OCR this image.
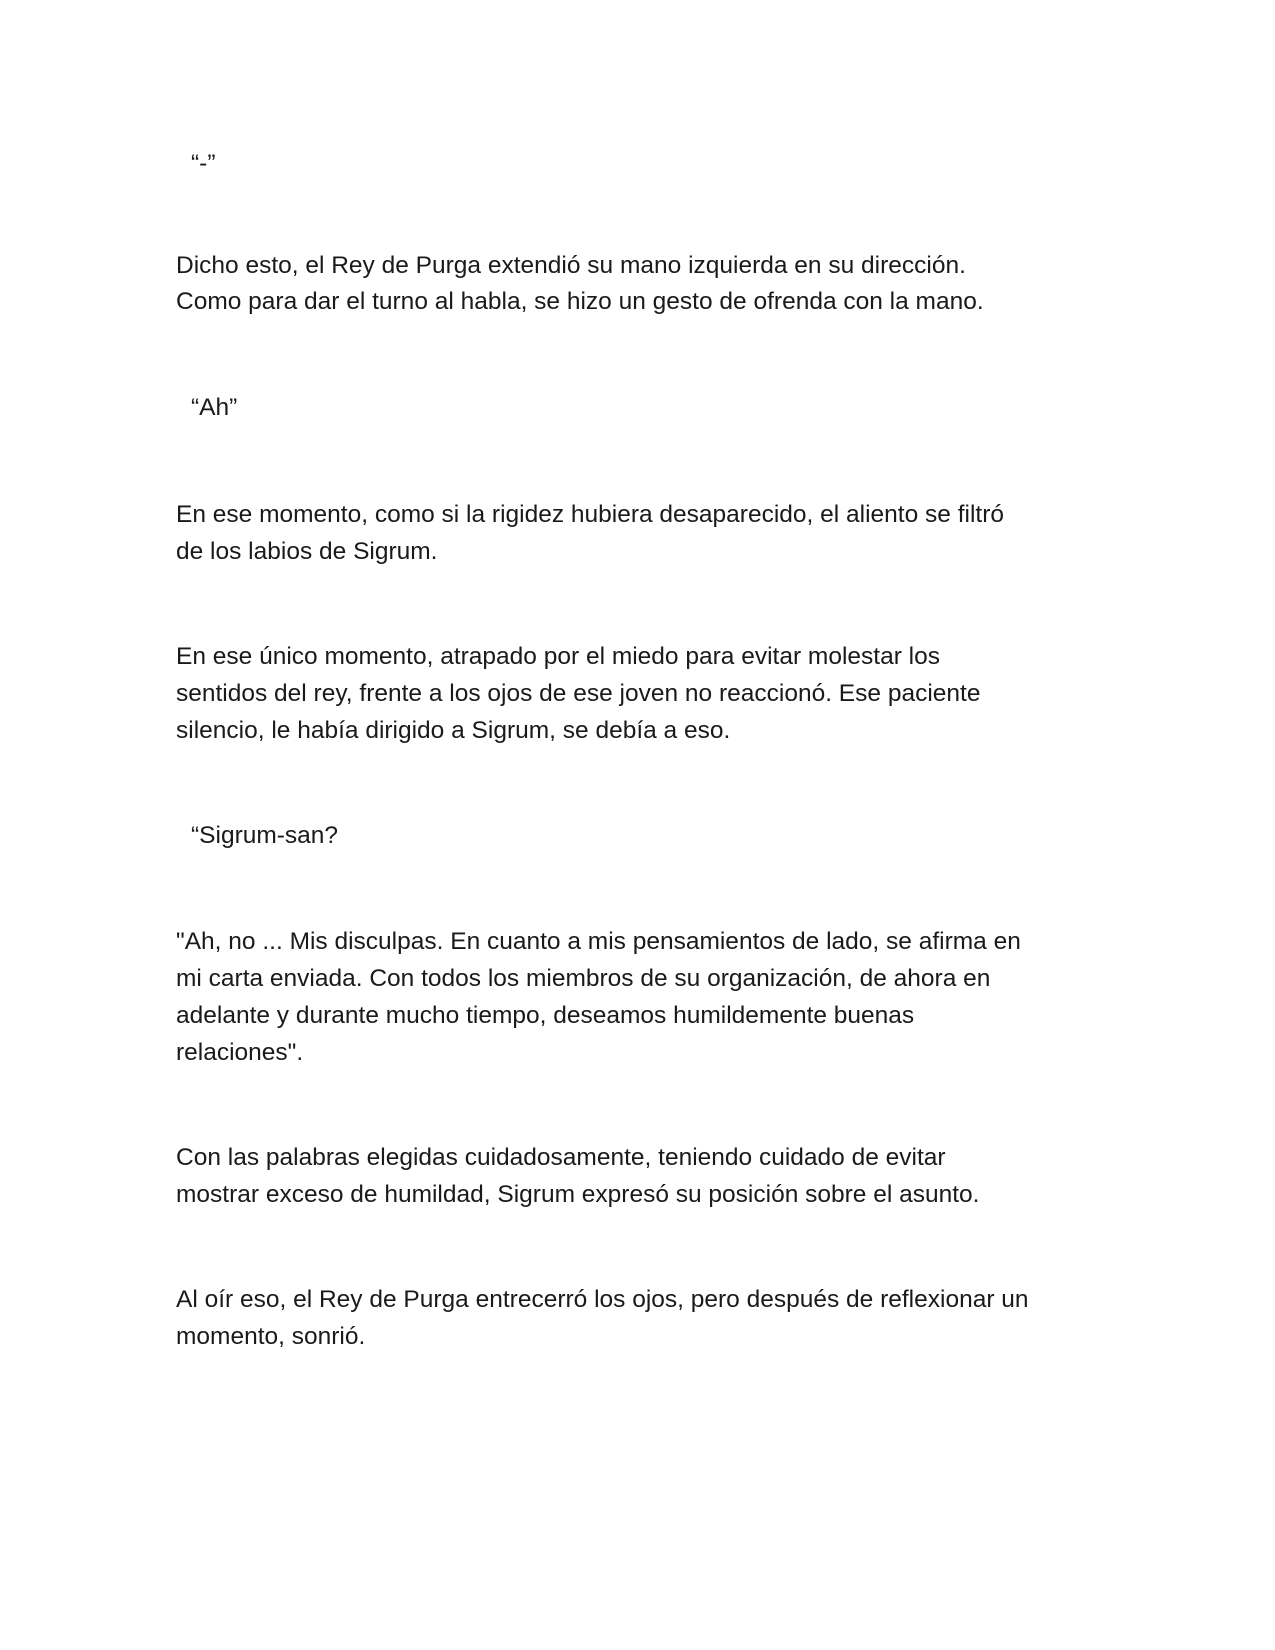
“-”
Dicho esto, el Rey de Purga extendió su mano izquierda en su dirección.
Como para dar el turno al habla, se hizo un gesto de ofrenda con la mano.
“Ah”
En ese momento, como si la rigidez hubiera desaparecido, el aliento se filtró
de los labios de Sigrum.
En ese único momento, atrapado por el miedo para evitar molestar los
sentidos del rey, frente a los ojos de ese joven no reaccionó. Ese paciente
silencio, le había dirigido a Sigrum, se debía a eso.
“Sigrum-san?
"Ah, no ... Mis disculpas. En cuanto a mis pensamientos de lado, se afirma en
mi carta enviada. Con todos los miembros de su organización, de ahora en
adelante y durante mucho tiempo, deseamos humildemente buenas
relaciones".
Con las palabras elegidas cuidadosamente, teniendo cuidado de evitar
mostrar exceso de humildad, Sigrum expresó su posición sobre el asunto.
Al oír eso, el Rey de Purga entrecerró los ojos, pero después de reflexionar un
momento, sonrió.
